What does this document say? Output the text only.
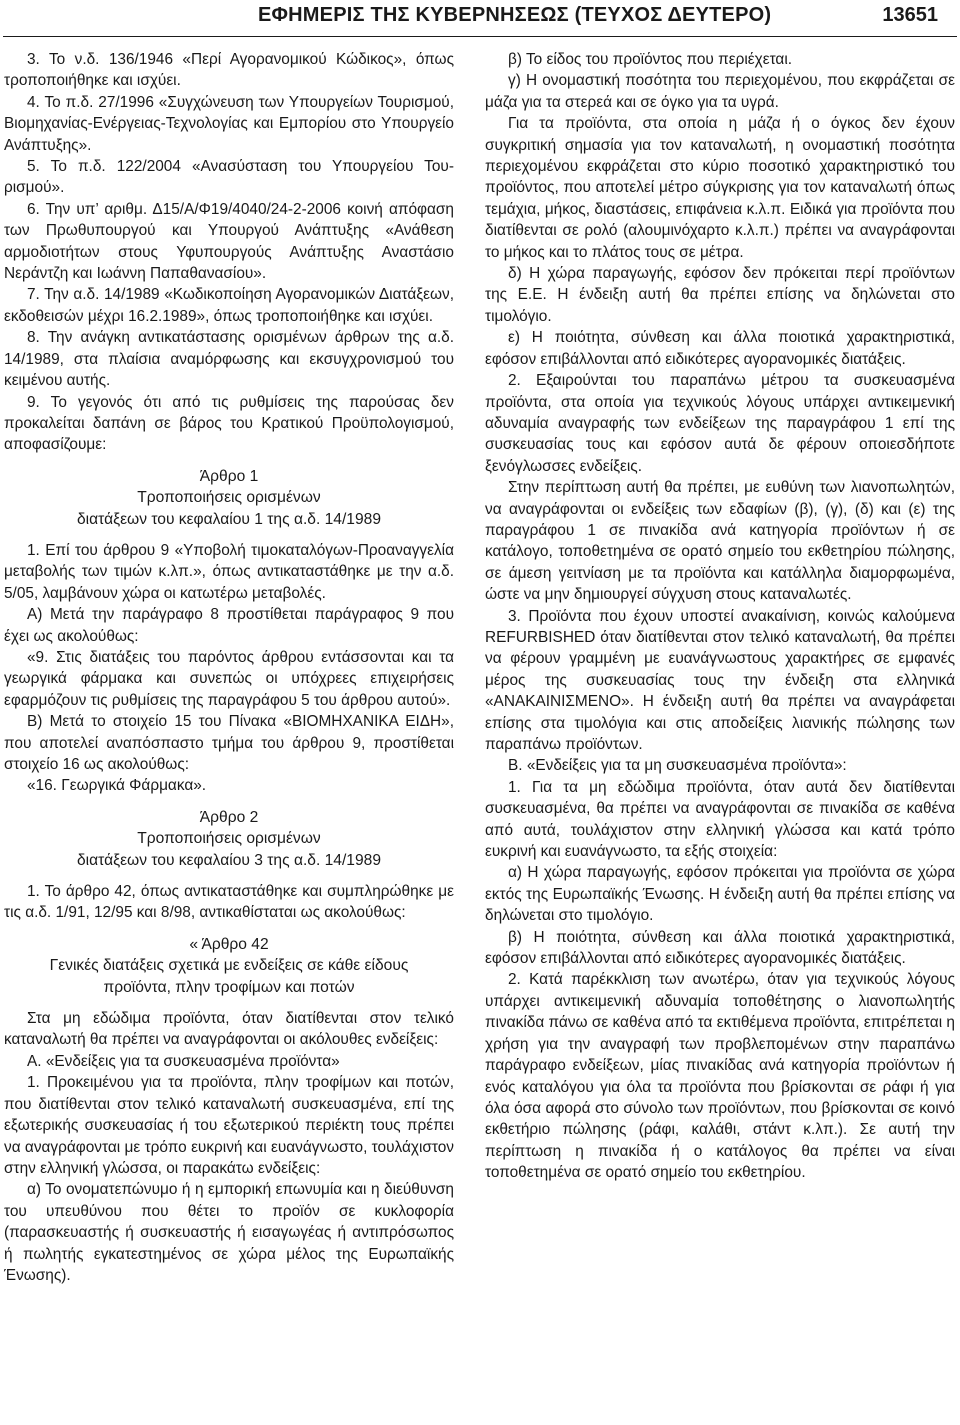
ΕΦΗΜΕΡΙΣ ΤΗΣ ΚΥΒΕΡΝΗΣΕΩΣ (ΤΕΥΧΟΣ ΔΕΥΤΕΡΟ)	13651

3. Το ν.δ. 136/1946 «Περί Αγορανομικού Κώδικος», όπως τροποποιήθηκε και ισχύει.

4. Το π.δ. 27/1996 «Συγχώνευση των Υπουργείων Τουρισμού, Βιομηχανίας-Ενέργειας-Τεχνολογίας και Εμπορίου στο Υπουργείο Ανάπτυξης».

5. Το π.δ. 122/2004 «Ανασύσταση του Υπουργείου Τουρισμού».

6. Την υπ’ αριθμ. Δ15/Α/Φ19/4040/24-2-2006 κοινή απόφαση των Πρωθυπουργού και Υπουργού Ανάπτυξης «Ανάθεση αρμοδιοτήτων στους Υφυπουργούς Ανάπτυξης Αναστάσιο Νεράντζη και Ιωάννη Παπαθανασίου».

7. Την α.δ. 14/1989 «Κωδικοποίηση Αγορανομικών Διατάξεων, εκδοθεισών μέχρι 16.2.1989», όπως τροποποιήθηκε και ισχύει.

8. Την ανάγκη αντικατάστασης ορισμένων άρθρων της α.δ. 14/1989, στα πλαίσια αναμόρφωσης και εκσυγχρονισμού του κειμένου αυτής.

9. Το γεγονός ότι από τις ρυθμίσεις της παρούσας δεν προκαλείται δαπάνη σε βάρος του Κρατικού Προϋπολογισμού, αποφασίζουμε:

Άρθρο 1
Τροποποιήσεις ορισμένων
διατάξεων του κεφαλαίου 1 της α.δ. 14/1989

1. Επί του άρθρου 9 «Υποβολή τιμοκαταλόγων-Προαναγγελία μεταβολής των τιμών κ.λπ.», όπως αντικαταστάθηκε με την α.δ. 5/05, λαμβάνουν χώρα οι κατωτέρω μεταβολές.

Α) Μετά την παράγραφο 8 προστίθεται παράγραφος 9 που έχει ως ακολούθως:

«9. Στις διατάξεις του παρόντος άρθρου εντάσσονται και τα γεωργικά φάρμακα και συνεπώς οι υπόχρεες επιχειρήσεις εφαρμόζουν τις ρυθμίσεις της παραγράφου 5 του άρθρου αυτού».

Β) Μετά το στοιχείο 15 του Πίνακα «ΒΙΟΜΗΧΑΝΙΚΑ ΕΙΔΗ», που αποτελεί αναπόσπαστο τμήμα του άρθρου 9, προστίθεται στοιχείο 16 ως ακολούθως:

«16. Γεωργικά Φάρμακα».

Άρθρο 2
Τροποποιήσεις ορισμένων
διατάξεων του κεφαλαίου 3 της α.δ. 14/1989

1. Το άρθρο 42, όπως αντικαταστάθηκε και συμπληρώθηκε με τις α.δ. 1/91, 12/95 και 8/98, αντικαθίσταται ως ακολούθως:

« Άρθρο 42
Γενικές διατάξεις σχετικά με ενδείξεις σε κάθε είδους
προϊόντα, πλην τροφίμων και ποτών

Στα μη εδώδιμα προϊόντα, όταν διατίθενται στον τελικό καταναλωτή θα πρέπει να αναγράφονται οι ακόλουθες ενδείξεις:

Α. «Ενδείξεις για τα συσκευασμένα προϊόντα»

1. Προκειμένου για τα προϊόντα, πλην τροφίμων και ποτών, που διατίθενται στον τελικό καταναλωτή συσκευασμένα, επί της εξωτερικής συσκευασίας ή του εξωτερικού περιέκτη τους πρέπει να αναγράφονται με τρόπο ευκρινή και ευανάγνωστο, τουλάχιστον στην ελληνική γλώσσα, οι παρακάτω ενδείξεις:

α) Το ονοματεπώνυμο ή η εμπορική επωνυμία και η διεύθυνση του υπευθύνου που θέτει το προϊόν σε κυκλοφορία (παρασκευαστής ή συσκευαστής ή εισαγωγέας ή αντιπρόσωπος ή πωλητής εγκατεστημένος σε χώρα μέλος της Ευρωπαϊκής Ένωσης).

β) Το είδος του προϊόντος που περιέχεται.

γ) Η ονομαστική ποσότητα του περιεχομένου, που εκφράζεται σε μάζα για τα στερεά και σε όγκο για τα υγρά.

Για τα προϊόντα, στα οποία η μάζα ή ο όγκος δεν έχουν συγκριτική σημασία για τον καταναλωτή, η ονομαστική ποσότητα περιεχομένου εκφράζεται στο κύριο ποσοτικό χαρακτηριστικό του προϊόντος, που αποτελεί μέτρο σύγκρισης για τον καταναλωτή όπως τεμάχια, μήκος, διαστάσεις, επιφάνεια κ.λ.π. Ειδικά για προϊόντα που διατίθενται σε ρολό (αλουμινόχαρτο κ.λ.π.) πρέπει να αναγράφονται το μήκος και το πλάτος τους σε μέτρα.

δ) Η χώρα παραγωγής, εφόσον δεν πρόκειται περί προϊόντων της Ε.Ε. Η ένδειξη αυτή θα πρέπει επίσης να δηλώνεται στο τιμολόγιο.

ε) Η ποιότητα, σύνθεση και άλλα ποιοτικά χαρακτηριστικά, εφόσον επιβάλλονται από ειδικότερες αγορανομικές διατάξεις.

2. Εξαιρούνται του παραπάνω μέτρου τα συσκευασμένα προϊόντα, στα οποία για τεχνικούς λόγους υπάρχει αντικειμενική αδυναμία αναγραφής των ενδείξεων της παραγράφου 1 επί της συσκευασίας τους και εφόσον αυτά δε φέρουν οποιεσδήποτε ξενόγλωσσες ενδείξεις.

Στην περίπτωση αυτή θα πρέπει, με ευθύνη των λιανοπωλητών, να αναγράφονται οι ενδείξεις των εδαφίων (β), (γ), (δ) και (ε) της παραγράφου 1 σε πινακίδα ανά κατηγορία προϊόντων ή σε κατάλογο, τοποθετημένα σε ορατό σημείο του εκθετηρίου πώλησης, σε άμεση γειτνίαση με τα προϊόντα και κατάλληλα διαμορφωμένα, ώστε να μην δημιουργεί σύγχυση στους καταναλωτές.

3. Προϊόντα που έχουν υποστεί ανακαίνιση, κοινώς καλούμενα REFURBISHED όταν διατίθενται στον τελικό καταναλωτή, θα πρέπει να φέρουν γραμμένη με ευανάγνωστους χαρακτήρες σε εμφανές μέρος της συσκευασίας τους την ένδειξη στα ελληνικά «ΑΝΑΚΑΙΝΙΣΜΕΝΟ». Η ένδειξη αυτή θα πρέπει να αναγράφεται επίσης στα τιμολόγια και στις αποδείξεις λιανικής πώλησης των παραπάνω προϊόντων.

Β. «Ενδείξεις για τα μη συσκευασμένα προϊόντα»:

1. Για τα μη εδώδιμα προϊόντα, όταν αυτά δεν διατίθενται συσκευασμένα, θα πρέπει να αναγράφονται σε πινακίδα σε καθένα από αυτά, τουλάχιστον στην ελληνική γλώσσα και κατά τρόπο ευκρινή και ευανάγνωστο, τα εξής στοιχεία:

α) Η χώρα παραγωγής, εφόσον πρόκειται για προϊόντα σε χώρα εκτός της Ευρωπαϊκής Ένωσης. Η ένδειξη αυτή θα πρέπει επίσης να δηλώνεται στο τιμολόγιο.

β) Η ποιότητα, σύνθεση και άλλα ποιοτικά χαρακτηριστικά, εφόσον επιβάλλονται από ειδικότερες αγορανομικές διατάξεις.

2. Κατά παρέκκλιση των ανωτέρω, όταν για τεχνικούς λόγους υπάρχει αντικειμενική αδυναμία τοποθέτησης ο λιανοπωλητής πινακίδα πάνω σε καθένα από τα εκτιθέμενα προϊόντα, επιτρέπεται η χρήση για την αναγραφή των προβλεπομένων στην παραπάνω παράγραφο ενδείξεων, μίας πινακίδας ανά κατηγορία προϊόντων ή ενός καταλόγου για όλα τα προϊόντα που βρίσκονται σε ράφι ή για όλα όσα αφορά στο σύνολο των προϊόντων, που βρίσκονται σε κοινό εκθετήριο πώλησης (ράφι, καλάθι, στάντ κ.λπ.). Σε αυτή την περίπτωση η πινακίδα ή ο κατάλογος θα πρέπει να είναι τοποθετημένα σε ορατό σημείο του εκθετηρίου.
